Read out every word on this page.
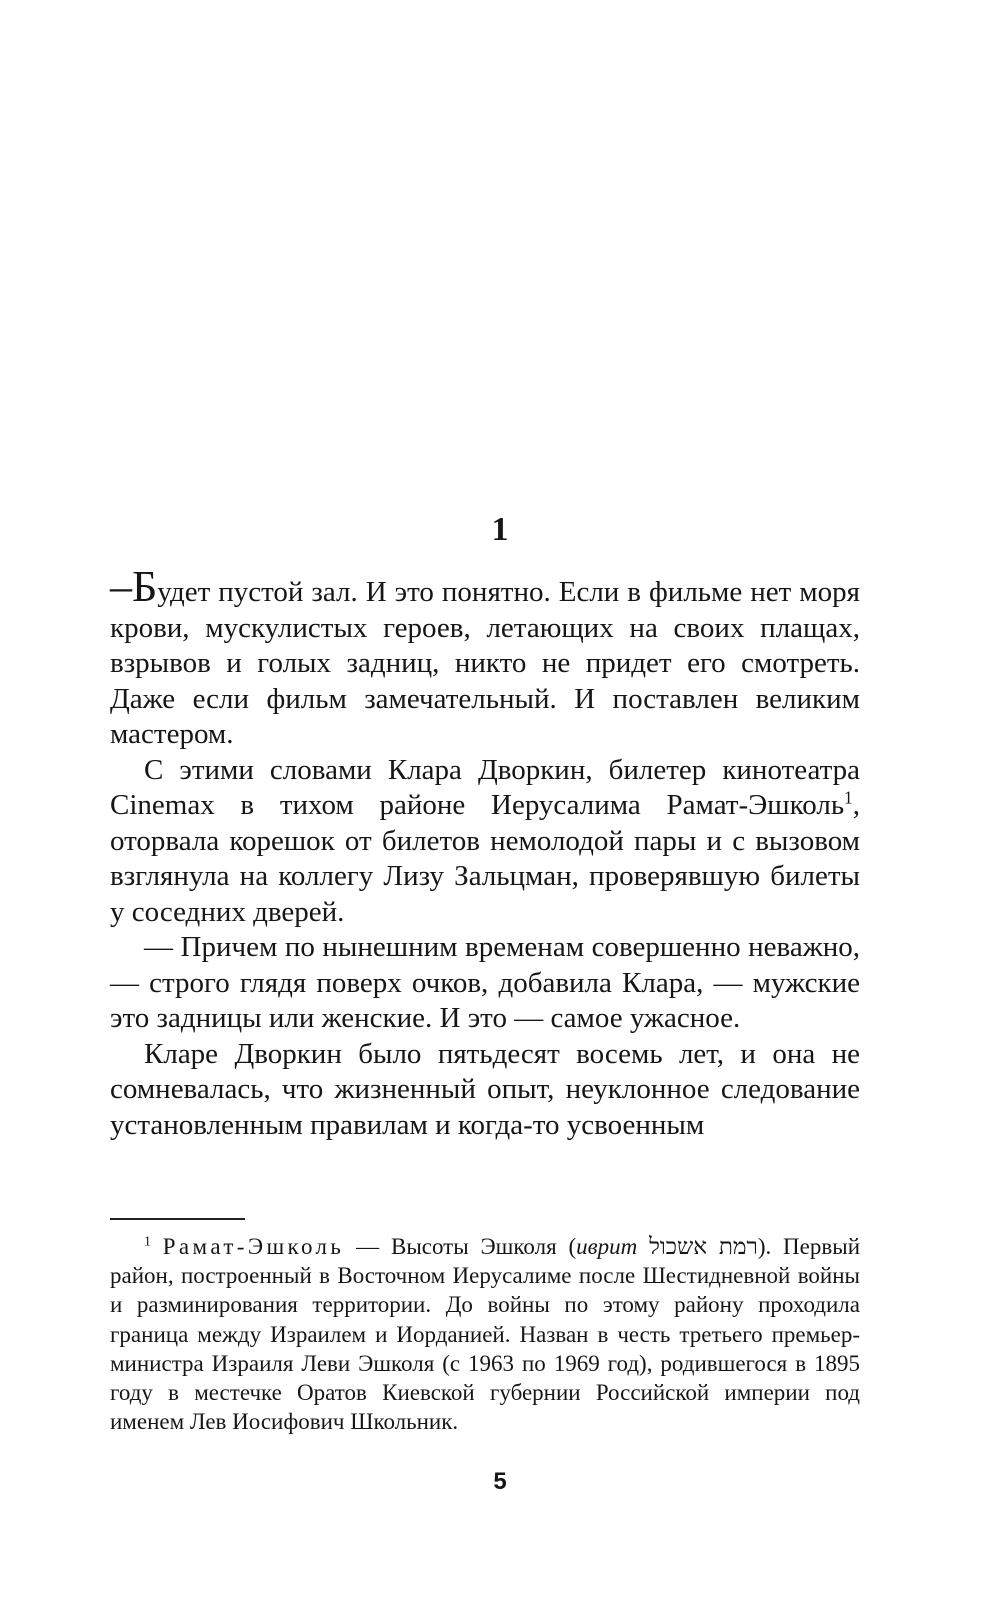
1

–Будет пустой зал. И это понятно. Если в фильме нет моря крови, мускулистых героев, летающих на своих плащах, взрывов и голых задниц, никто не придет его смотреть. Даже если фильм замечательный. И поставлен великим мастером.

С этими словами Клара Дворкин, билетер кинотеатра Cinemax в тихом районе Иерусалима Рамат-Эшколь$^1$, оторвала корешок от билетов немолодой пары и с вызовом взглянула на коллегу Лизу Зальцман, проверявшую билеты у соседних дверей.

— Причем по нынешним временам совершенно неважно, — строго глядя поверх очков, добавила Клара, — мужские это задницы или женские. И это — самое ужасное.

Кларе Дворкин было пятьдесят восемь лет, и она не сомневалась, что жизненный опыт, неуклонное следование установленным правилам и когда-то усвоенным

$^1$ Рамат-Эшколь — Высоты Эшколя (иврит רמת אשכול). Первый район, построенный в Восточном Иерусалиме после Шестидневной войны и разминирования территории. До войны по этому району проходила граница между Израилем и Иорданией. Назван в честь третьего премьер-министра Израиля Леви Эшколя (с 1963 по 1969 год), родившегося в 1895 году в местечке Оратов Киевской губернии Российской империи под именем Лев Иосифович Школьник.

5
